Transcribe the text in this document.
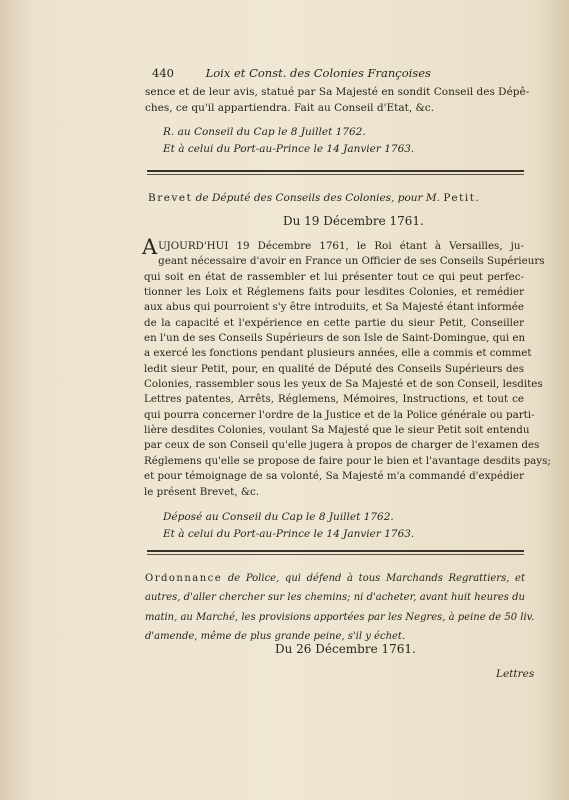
440	Loix et Const. des Colonies Françoises
sence et de leur avis, statué par Sa Majesté en sondit Conseil des Dépê-
ches, ce qu'il appartiendra. Fait au Conseil d'Etat, &c.
R. au Conseil du Cap le 8 Juillet 1762.
Et à celui du Port-au-Prince le 14 Janvier 1763.
Brevet de Député des Conseils des Colonies, pour M. Petit.
Du 19 Décembre 1761.
A UJOURD'HUI 19 Décembre 1761, le Roi étant à Versailles, ju-
geant nécessaire d'avoir en France un Officier de ses Conseils Supérieurs
qui soit en état de rassembler et lui présenter tout ce qui peut perfec-
tionner les Loix et Réglemens faits pour lesdites Colonies, et remédier
aux abus qui pourroient s'y être introduits, et Sa Majesté étant informée
de la capacité et l'expérience en cette partie du sieur Petit, Conseiller
en l'un de ses Conseils Supérieurs de son Isle de Saint-Domingue, qui en
a exercé les fonctions pendant plusieurs années, elle a commis et commet
ledit sieur Petit, pour, en qualité de Député des Conseils Supérieurs des
Colonies, rassembler sous les yeux de Sa Majesté et de son Conseil, lesdites
Lettres patentes, Arrêts, Réglemens, Mémoires, Instructions, et tout ce
qui pourra concerner l'ordre de la Justice et de la Police générale ou parti-
lière desdites Colonies, voulant Sa Majesté que le sieur Petit soit entendu
par ceux de son Conseil qu'elle jugera à propos de charger de l'examen des
Réglemens qu'elle se propose de faire pour le bien et l'avantage desdits pays;
et pour témoignage de sa volonté, Sa Majesté m'a commandé d'expédier
le présent Brevet, &c.
Déposé au Conseil du Cap le 8 Juillet 1762.
Et à celui du Port-au-Prince le 14 Janvier 1763.
Ordonnance de Police, qui défend à tous Marchands Regrattiers, et
autres, d'aller chercher sur les chemins; ni d'acheter, avant huit heures du
matin, au Marché, les provisions apportées par les Negres, à peine de 50 liv.
d'amende, même de plus grande peine, s'il y échet.
Du 26 Décembre 1761.
Lettres
